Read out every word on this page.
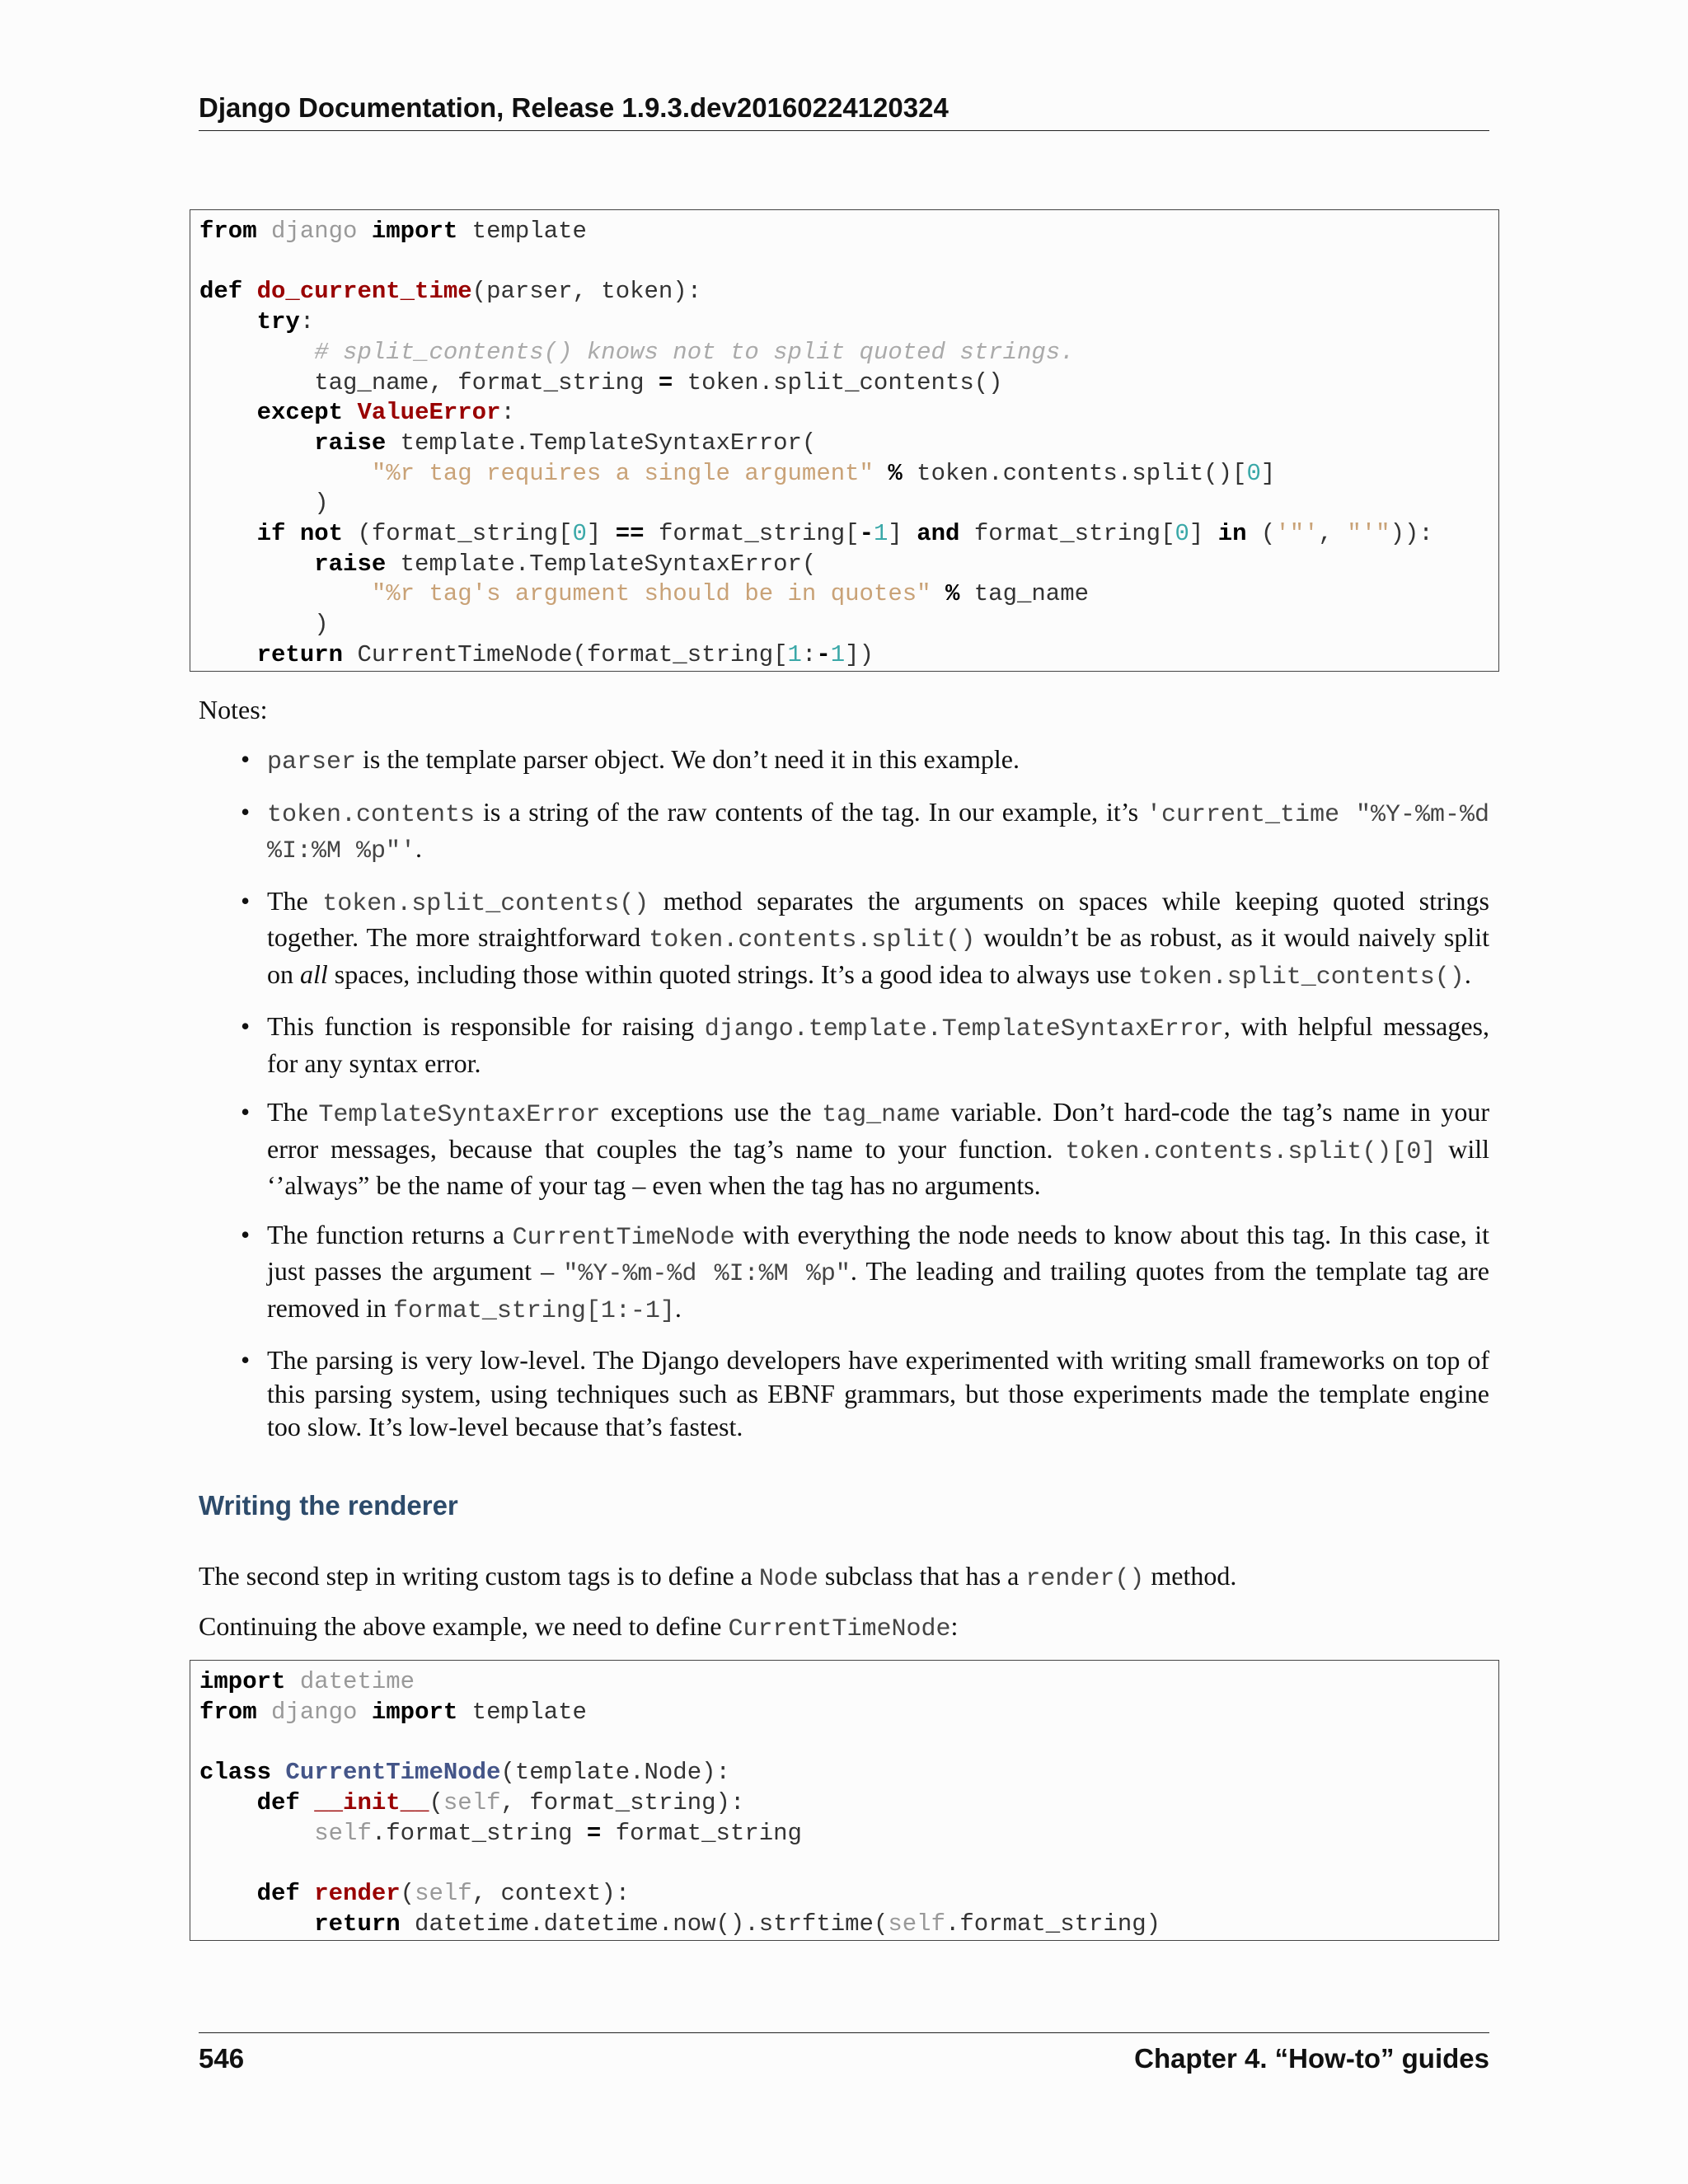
Django Documentation, Release 1.9.3.dev20160224120324
from django import template

def do_current_time(parser, token):
try:
# split_contents() knows not to split quoted strings.
tag_name, format_string = token.split_contents()
except ValueError:
raise template.TemplateSyntaxError(
"%r tag requires a single argument" % token.contents.split()[0]
)
if not (format_string[0] == format_string[-1] and format_string[0] in ('"', "'")):
raise template.TemplateSyntaxError(
"%r tag's argument should be in quotes" % tag_name
)
return CurrentTimeNode(format_string[1:-1])

Notes:

• parser is the template parser object. We don’t need it in this example.
• token.contents is a string of the raw contents of the tag. In our example, it’s 'current_time "%Y-%m-%d %I:%M %p"'.
• The token.split_contents() method separates the arguments on spaces while keeping quoted strings together. The more straightforward token.contents.split() wouldn’t be as robust, as it would naively split on all spaces, including those within quoted strings. It’s a good idea to always use token.split_contents().
• This function is responsible for raising django.template.TemplateSyntaxError, with helpful messages, for any syntax error.
• The TemplateSyntaxError exceptions use the tag_name variable. Don’t hard-code the tag’s name in your error messages, because that couples the tag’s name to your function. token.contents.split()[0] will ‘’always” be the name of your tag – even when the tag has no arguments.
• The function returns a CurrentTimeNode with everything the node needs to know about this tag. In this case, it just passes the argument – "%Y-%m-%d %I:%M %p". The leading and trailing quotes from the template tag are removed in format_string[1:-1].
• The parsing is very low-level. The Django developers have experimented with writing small frameworks on top of this parsing system, using techniques such as EBNF grammars, but those experiments made the template engine too slow. It’s low-level because that’s fastest.
Writing the renderer

The second step in writing custom tags is to define a Node subclass that has a render() method.

Continuing the above example, we need to define CurrentTimeNode:

import datetime
from django import template

class CurrentTimeNode(template.Node):
def __init__(self, format_string):
self.format_string = format_string

def render(self, context):
return datetime.datetime.now().strftime(self.format_string)
546	Chapter 4. “How-to” guides
